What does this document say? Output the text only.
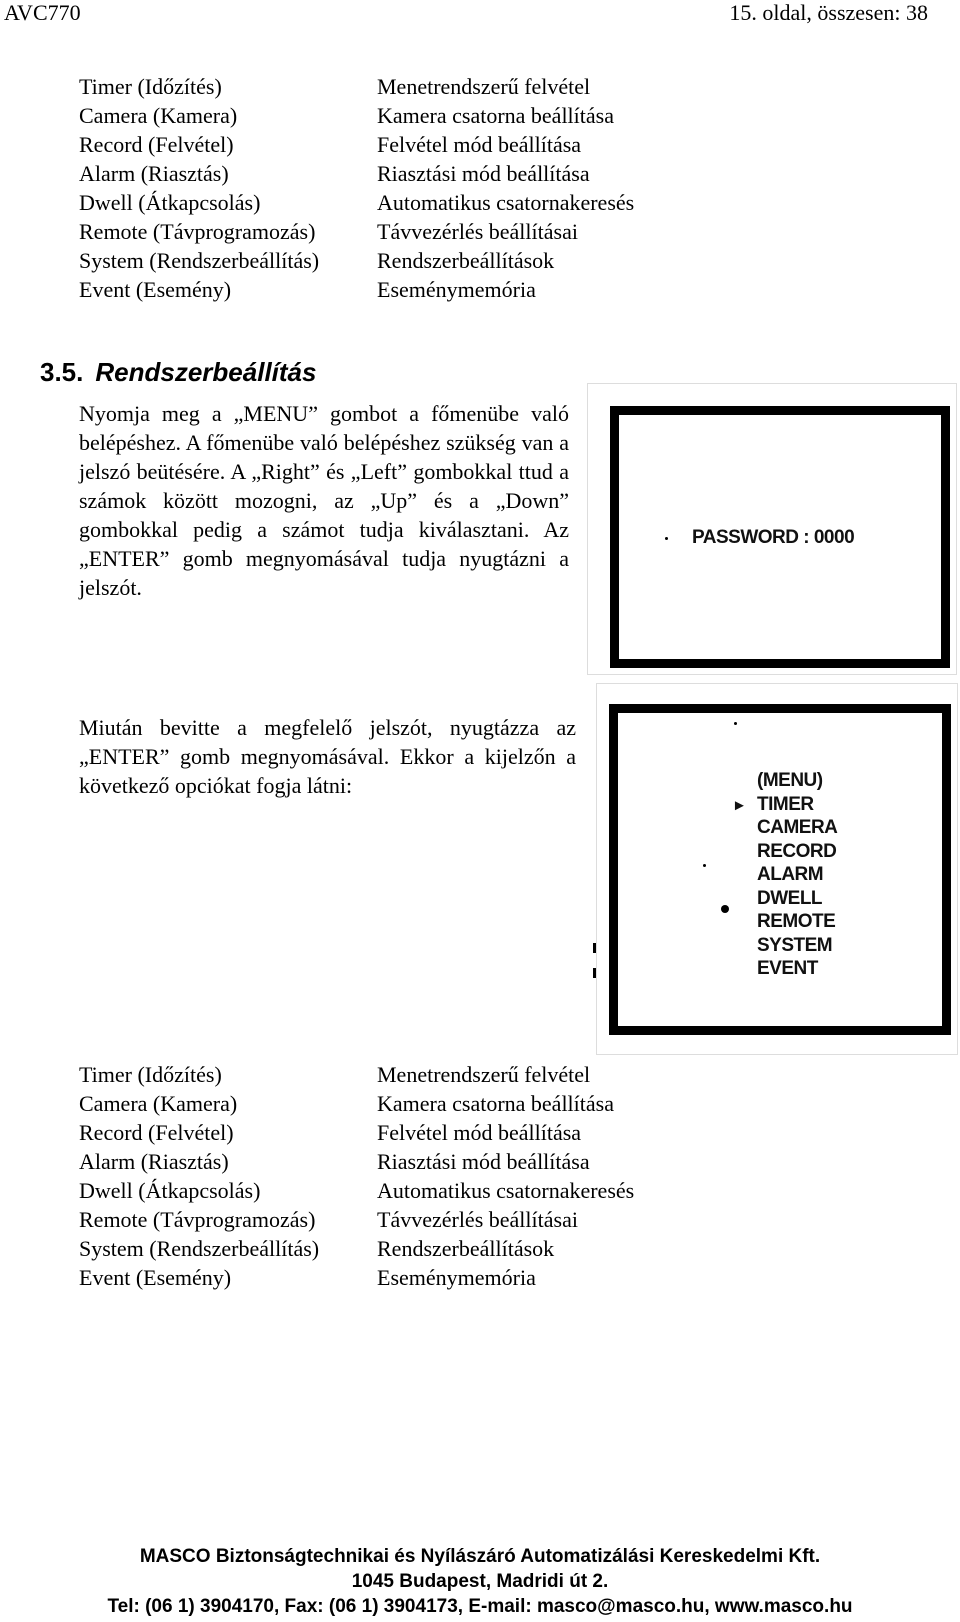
AVC770	15. oldal, összesen: 38
Timer (Időzítés)	Menetrendszerű felvétel
Camera (Kamera)	Kamera csatorna beállítása
Record (Felvétel)	Felvétel mód beállítása
Alarm (Riasztás)	Riasztási mód beállítása
Dwell (Átkapcsolás)	Automatikus csatornakeresés
Remote (Távprogramozás)	Távvezérlés beállításai
System (Rendszerbeállítás)	Rendszerbeállítások
Event (Esemény)	Eseménymemória
3.5. Rendszerbeállítás
Nyomja meg a „MENU” gombot a főmenübe való belépéshez. A főmenübe való belépéshez szükség van a jelszó beütésére. A „Right” és „Left” gombokkal ttud a számok között mozogni, az „Up” és a „Down” gombokkal pedig a számot tudja kiválasztani. Az „ENTER” gomb megnyomásával tudja nyugtázni a jelszót.
PASSWORD : 0000
Miután bevitte a megfelelő jelszót, nyugtázza az „ENTER” gomb megnyomásával. Ekkor a kijelzőn a következő opciókat fogja látni:	(MENU)
► TIMER
CAMERA
RECORD
ALARM
DWELL
REMOTE
SYSTEM
EVENT
Timer (Időzítés)	Menetrendszerű felvétel
Camera (Kamera)	Kamera csatorna beállítása
Record (Felvétel)	Felvétel mód beállítása
Alarm (Riasztás)	Riasztási mód beállítása
Dwell (Átkapcsolás)	Automatikus csatornakeresés
Remote (Távprogramozás)	Távvezérlés beállításai
System (Rendszerbeállítás)	Rendszerbeállítások
Event (Esemény)	Eseménymemória
MASCO Biztonságtechnikai és Nyílászáró Automatizálási Kereskedelmi Kft.
1045 Budapest, Madridi út 2.
Tel: (06 1) 3904170, Fax: (06 1) 3904173, E-mail: masco@masco.hu, www.masco.hu
